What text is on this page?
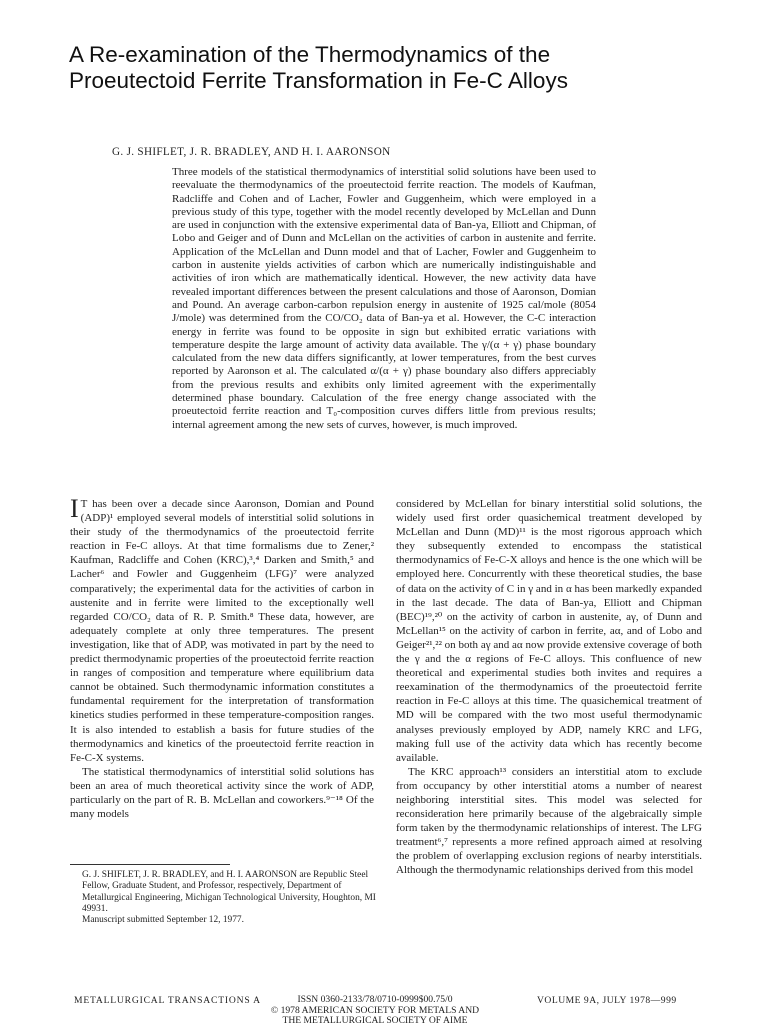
A Re-examination of the Thermodynamics of the Proeutectoid Ferrite Transformation in Fe-C Alloys
G. J. SHIFLET, J. R. BRADLEY, AND H. I. AARONSON
Three models of the statistical thermodynamics of interstitial solid solutions have been used to reevaluate the thermodynamics of the proeutectoid ferrite reaction. The models of Kaufman, Radcliffe and Cohen and of Lacher, Fowler and Guggenheim, which were employed in a previous study of this type, together with the model recently developed by McLellan and Dunn are used in conjunction with the extensive experimental data of Ban-ya, Elliott and Chipman, of Lobo and Geiger and of Dunn and McLellan on the activities of carbon in austenite and ferrite. Application of the McLellan and Dunn model and that of Lacher, Fowler and Guggenheim to carbon in austenite yields activities of carbon which are numerically indistinguishable and activities of iron which are mathematically identical. However, the new activity data have revealed important differences between the present calculations and those of Aaronson, Domian and Pound. An average carbon-carbon repulsion energy in austenite of 1925 cal/mole (8054 J/mole) was determined from the CO/CO₂ data of Ban-ya et al. However, the C-C interaction energy in ferrite was found to be opposite in sign but exhibited erratic variations with temperature despite the large amount of activity data available. The γ/(α + γ) phase boundary calculated from the new data differs significantly, at lower temperatures, from the best curves reported by Aaronson et al. The calculated α/(α + γ) phase boundary also differs appreciably from the previous results and exhibits only limited agreement with the experimentally determined phase boundary. Calculation of the free energy change associated with the proeutectoid ferrite reaction and T₀-composition curves differs little from previous results; internal agreement among the new sets of curves, however, is much improved.

I T has been over a decade since Aaronson, Domian and Pound (ADP)¹ employed several models of interstitial solid solutions in their study of the thermodynamics of the proeutectoid ferrite reaction in Fe-C alloys. At that time formalisms due to Zener,² Kaufman, Radcliffe and Cohen (KRC),³,⁴ Darken and Smith,⁵ and Lacher⁶ and Fowler and Guggenheim (LFG)⁷ were analyzed comparatively; the experimental data for the activities of carbon in austenite and in ferrite were limited to the exceptionally well regarded CO/CO₂ data of R. P. Smith.⁸ These data, however, are adequately complete at only three temperatures. The present investigation, like that of ADP, was motivated in part by the need to predict thermodynamic properties of the proeutectoid ferrite reaction in ranges of composition and temperature where equilibrium data cannot be obtained. Such thermodynamic information constitutes a fundamental requirement for the interpretation of transformation kinetics studies performed in these temperature-composition ranges. It is also intended to establish a basis for future studies of the thermodynamics and kinetics of the proeutectoid ferrite reaction in Fe-C-X systems.

The statistical thermodynamics of interstitial solid solutions has been an area of much theoretical activity since the work of ADP, particularly on the part of R. B. McLellan and coworkers.⁹⁻¹⁸ Of the many models

considered by McLellan for binary interstitial solid solutions, the widely used first order quasichemical treatment developed by McLellan and Dunn (MD)¹¹ is the most rigorous approach which they subsequently extended to encompass the statistical thermodynamics of Fe-C-X alloys and hence is the one which will be employed here. Concurrently with these theoretical studies, the base of data on the activity of C in γ and in α has been markedly expanded in the last decade. The data of Ban-ya, Elliott and Chipman (BEC)¹⁹,²⁰ on the activity of carbon in austenite, aγ, of Dunn and McLellan¹⁵ on the activity of carbon in ferrite, aα, and of Lobo and Geiger²¹,²² on both aγ and aα now provide extensive coverage of both the γ and the α regions of Fe-C alloys. This confluence of new theoretical and experimental studies both invites and requires a reexamination of the thermodynamics of the proeutectoid ferrite reaction in Fe-C alloys at this time. The quasichemical treatment of MD will be compared with the two most useful thermodynamic analyses previously employed by ADP, namely KRC and LFG, making full use of the activity data which has recently become available.

The KRC approach¹³ considers an interstitial atom to exclude from occupancy by other interstitial atoms a number of nearest neighboring interstitial sites. This model was selected for reconsideration here primarily because of the algebraically simple form taken by the thermodynamic relationships of interest. The LFG treatment⁶,⁷ represents a more refined approach aimed at resolving the problem of overlapping exclusion regions of nearby interstitials. Although the thermodynamic relationships derived from this model

G. J. SHIFLET, J. R. BRADLEY, and H. I. AARONSON are Republic Steel Fellow, Graduate Student, and Professor, respectively, Department of Metallurgical Engineering, Michigan Technological University, Houghton, MI 49931.

Manuscript submitted September 12, 1977.

METALLURGICAL TRANSACTIONS A	ISSN 0360-2133/78/0710-0999$00.75/0
© 1978 AMERICAN SOCIETY FOR METALS AND
THE METALLURGICAL SOCIETY OF AIME
VOLUME 9A, JULY 1978—999
